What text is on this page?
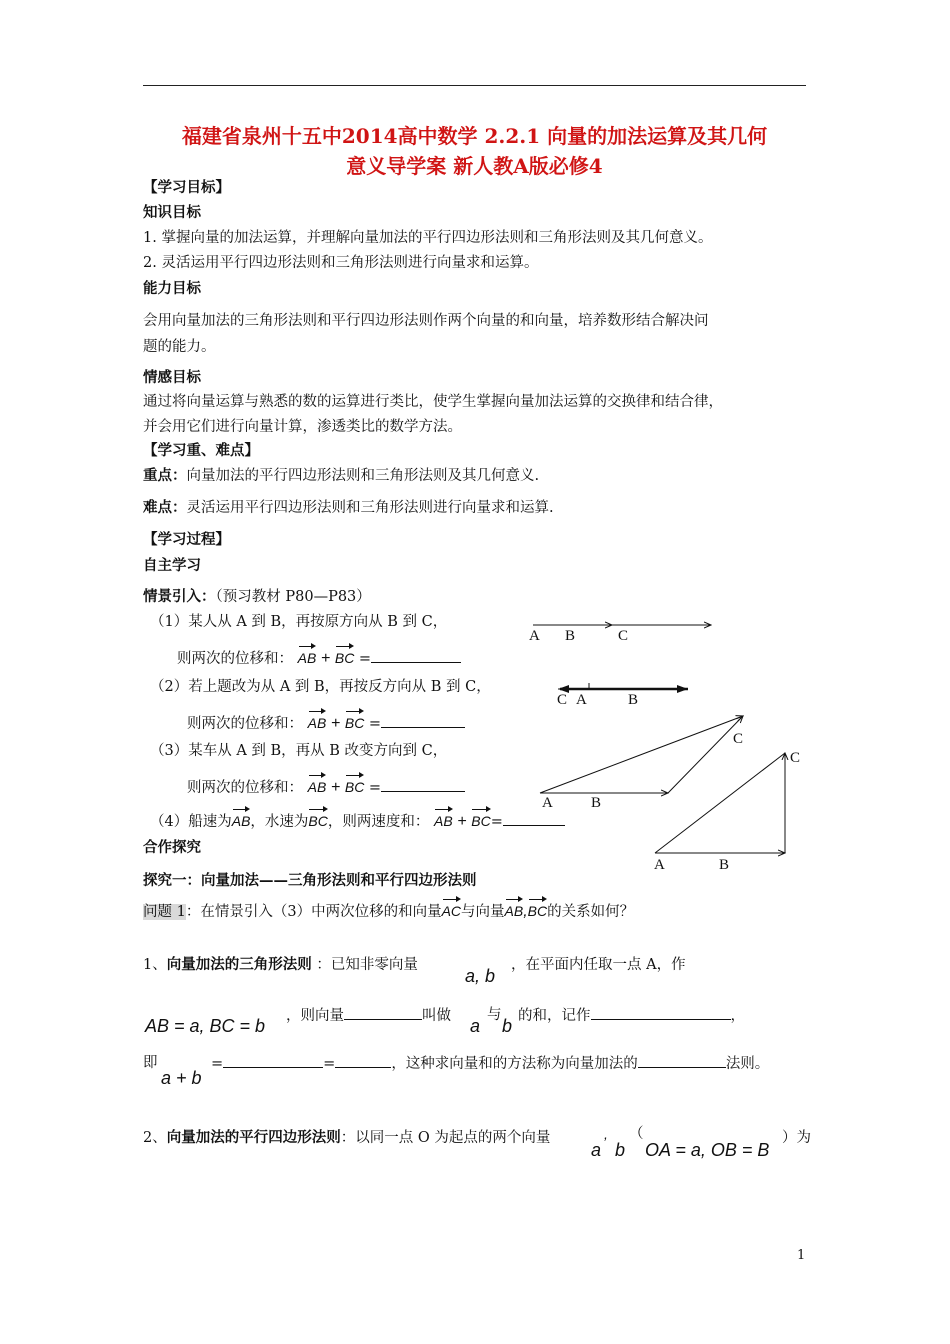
福建省泉州十五中2014高中数学 2.2.1 向量的加法运算及其几何
意义导学案 新人教A版必修4
【学习目标】
知识目标
1. 掌握向量的加法运算，并理解向量加法的平行四边形法则和三角形法则及其几何意义。
2. 灵活运用平行四边形法则和三角形法则进行向量求和运算。
能力目标
会用向量加法的三角形法则和平行四边形法则作两个向量的和向量，培养数形结合解决问
题的能力。
情感目标
通过将向量运算与熟悉的数的运算进行类比，使学生掌握向量加法运算的交换律和结合律，
并会用它们进行向量计算，渗透类比的数学方法。
【学习重、难点】
重点：向量加法的平行四边形法则和三角形法则及其几何意义.
难点：灵活运用平行四边形法则和三角形法则进行向量求和运算.
【学习过程】
自主学习
情景引入：（预习教材 P80—P83）
（1）某人从 A 到 B，再按原方向从 B 到 C，
则两次的位移和： AB + BC =
（2）若上题改为从 A 到 B，再按反方向从 B 到 C，
则两次的位移和： AB + BC =
（3）某车从 A 到 B，再从 B 改变方向到 C，
则两次的位移和： AB + BC =
（4）船速为AB，水速为BC，则两速度和： AB + BC=
合作探究
探究一：向量加法——三角形法则和平行四边形法则
问题 1：在情景引入（3）中两次位移的和向量AC与向量AB,BC的关系如何？
A B	C
C A	B
A	B
C
A	B
C
1、向量加法的三角形法则 ：已知非零向量
a, b
，在平面内任取一点 A，作
AB = a, BC = b ，则向量	叫做 a
与
b 的和，记作	，
即
a + b
=	=	，这种求向量和的方法称为向量加法的	法则。
2、向量加法的平行四边形法则：以同一点 O 为起点的两个向量
a
,
b
（
OA = a, OB = B
）为
1
